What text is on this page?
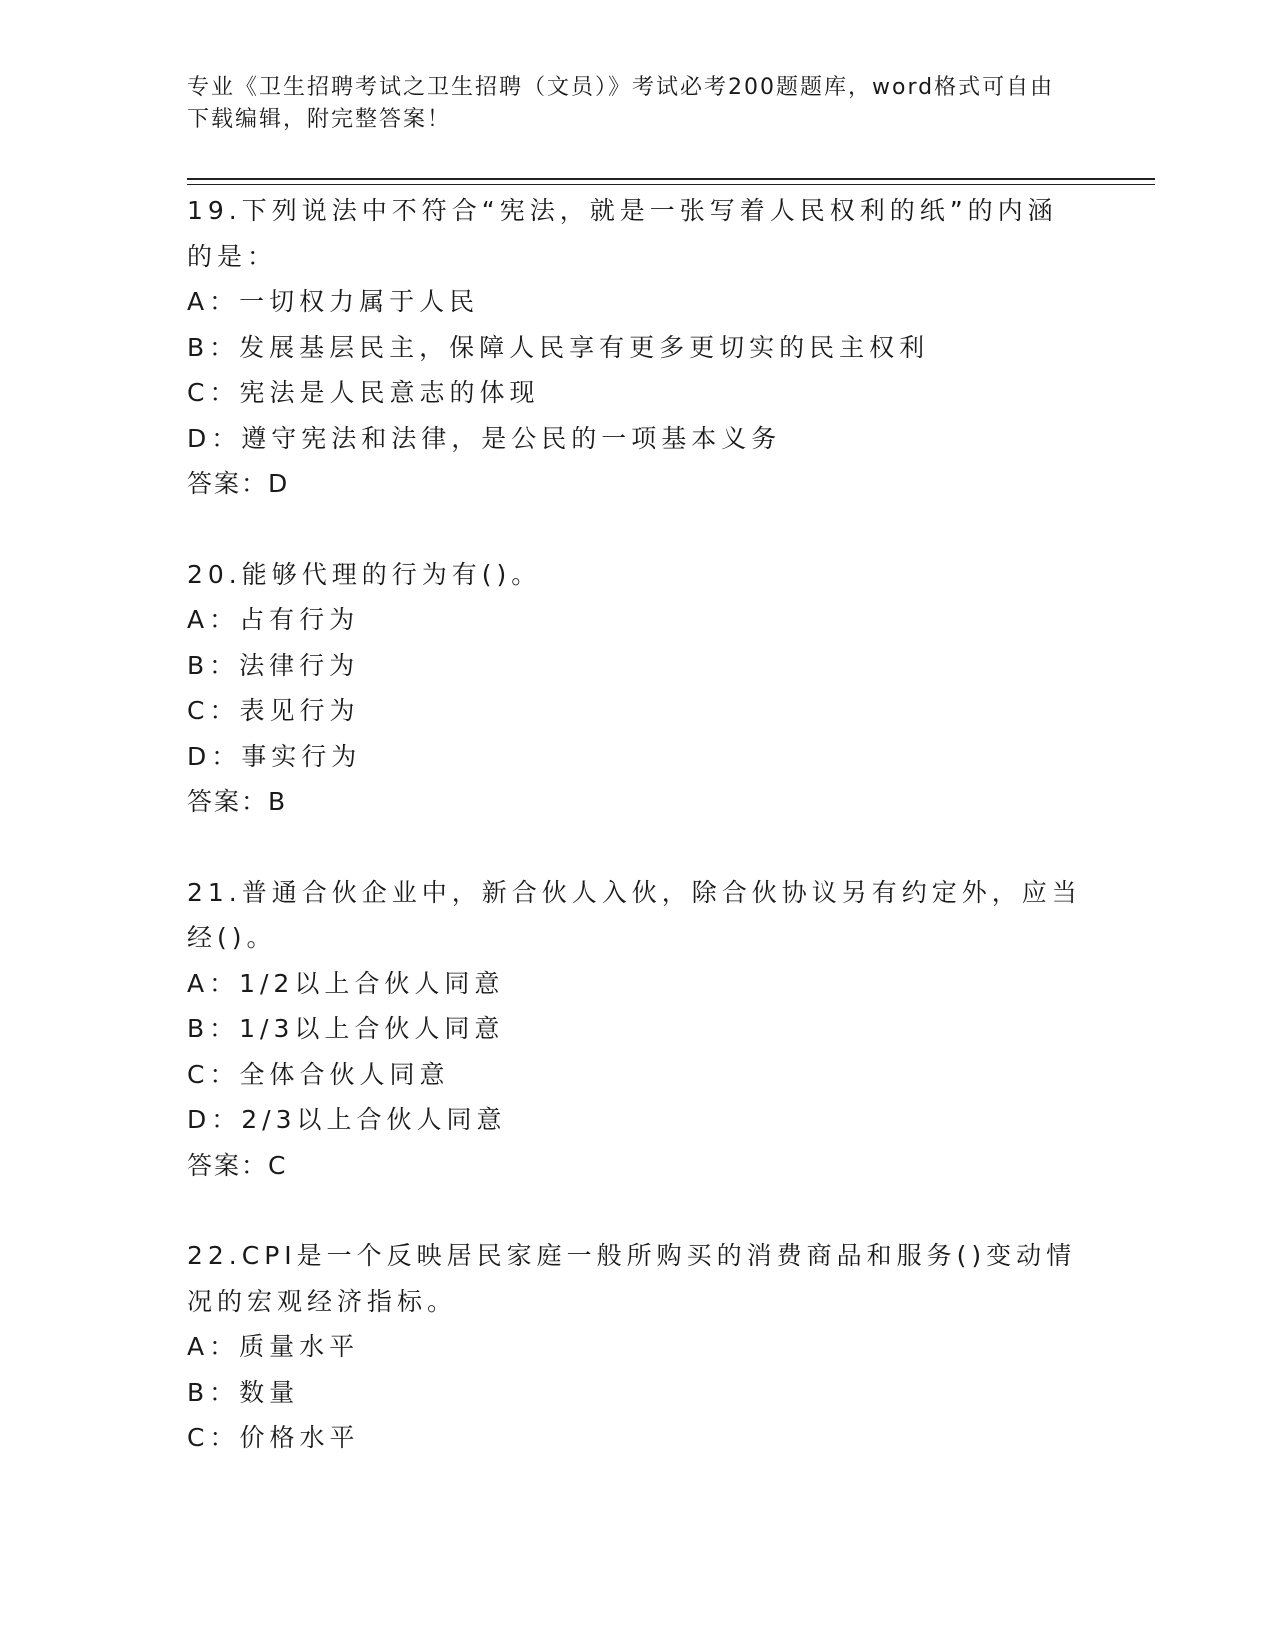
专业《卫生招聘考试之卫生招聘（文员）》考试必考200题题库，word格式可自由下载编辑，附完整答案！

19.下列说法中不符合“宪法，就是一张写着人民权利的纸”的内涵的是：

A：一切权力属于人民

B：发展基层民主，保障人民享有更多更切实的民主权利

C：宪法是人民意志的体现

D：遵守宪法和法律，是公民的一项基本义务

答案：D

20.能够代理的行为有()。

A：占有行为

B：法律行为

C：表见行为

D：事实行为

答案：B

21.普通合伙企业中，新合伙人入伙，除合伙协议另有约定外，应当经()。

A：1/2以上合伙人同意

B：1/3以上合伙人同意

C：全体合伙人同意

D：2/3以上合伙人同意

答案：C

22.CPI是一个反映居民家庭一般所购买的消费商品和服务()变动情况的宏观经济指标。

A：质量水平

B：数量

C：价格水平
